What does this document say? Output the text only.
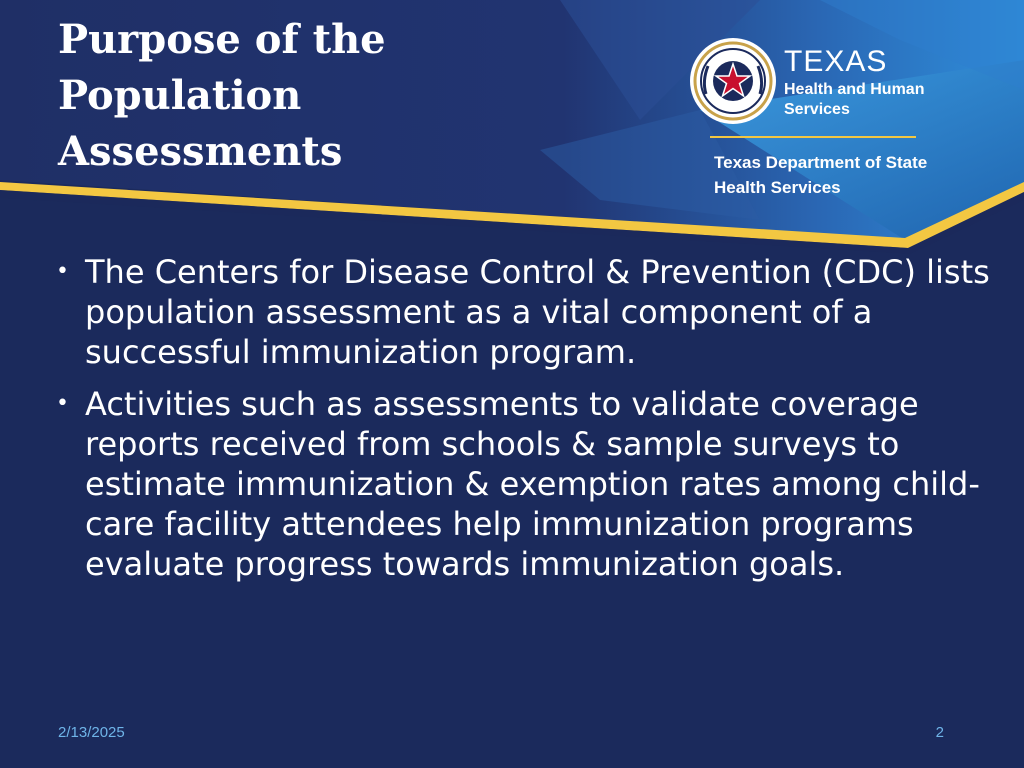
Purpose of the
Population
Assessments
TEXAS
Health and Human
Services
Texas Department of State
Health Services
• The Centers for Disease Control & Prevention (CDC) lists population assessment as a vital component of a successful immunization program.
• Activities such as assessments to validate coverage reports received from schools & sample surveys to estimate immunization & exemption rates among child-care facility attendees help immunization programs evaluate progress towards immunization goals.
2/13/2025	2
